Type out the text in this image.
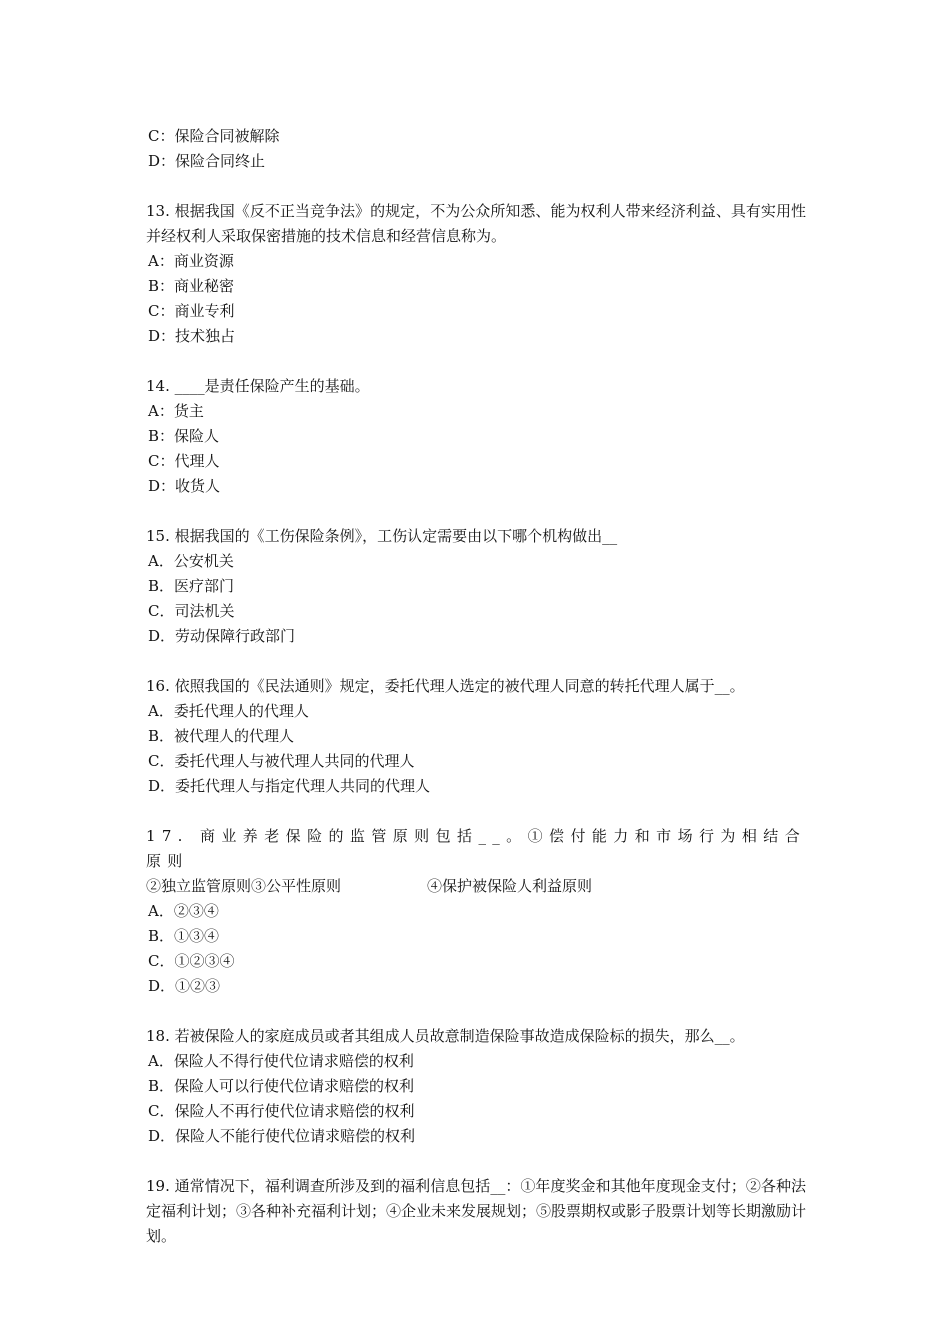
C：保险合同被解除

D：保险合同终止

13. 根据我国《反不正当竞争法》的规定，不为公众所知悉、能为权利人带来经济利益、具有实用性并经权利人采取保密措施的技术信息和经营信息称为。

A：商业资源

B：商业秘密

C：商业专利

D：技术独占

14. ____是责任保险产生的基础。

A：货主

B：保险人

C：代理人

D：收货人

15. 根据我国的《工伤保险条例》，工伤认定需要由以下哪个机构做出__

A．公安机关

B．医疗部门

C．司法机关

D．劳动保障行政部门

16. 依照我国的《民法通则》规定，委托代理人选定的被代理人同意的转托代理人属于__。

A．委托代理人的代理人

B．被代理人的代理人

C．委托代理人与被代理人共同的代理人

D．委托代理人与指定代理人共同的代理人

17. 商业养老保险的监管原则包括__。①偿付能力和市场行为相结合原则

②独立监管原则③公平性原则	④保护被保险人利益原则

A．②③④

B．①③④

C．①②③④

D．①②③

18. 若被保险人的家庭成员或者其组成人员故意制造保险事故造成保险标的损失，那么__。

A．保险人不得行使代位请求赔偿的权利

B．保险人可以行使代位请求赔偿的权利

C．保险人不再行使代位请求赔偿的权利

D．保险人不能行使代位请求赔偿的权利

19. 通常情况下，福利调查所涉及到的福利信息包括__：①年度奖金和其他年度现金支付；②各种法定福利计划；③各种补充福利计划；④企业未来发展规划；⑤股票期权或影子股票计划等长期激励计划。
